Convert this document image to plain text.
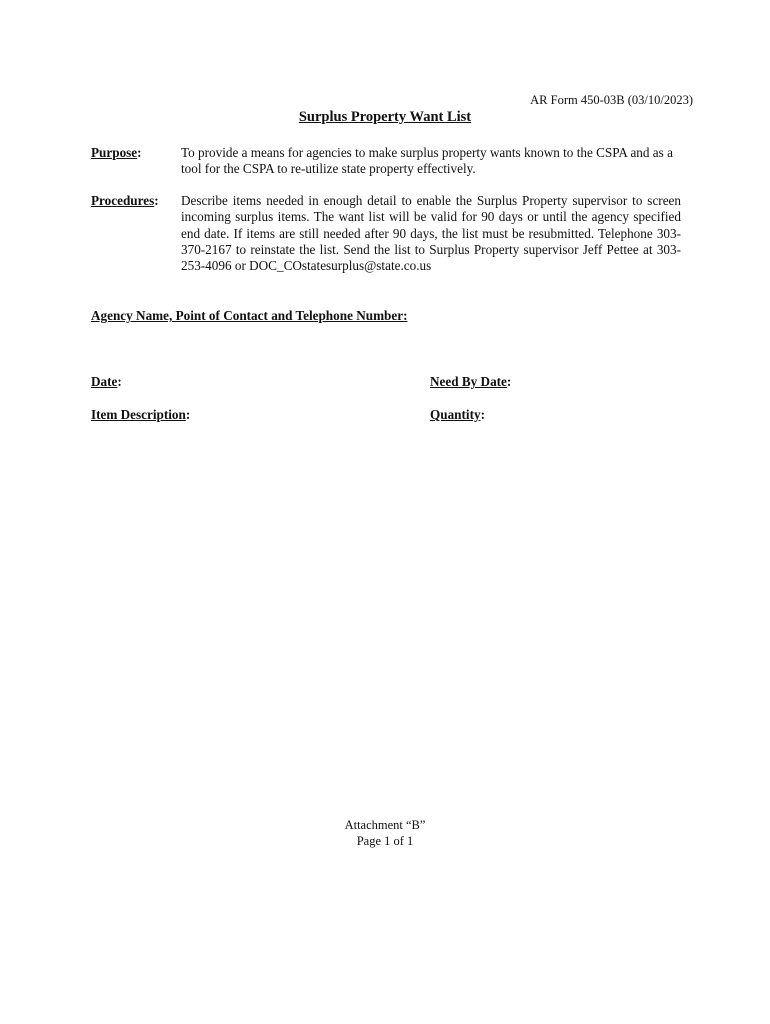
AR Form 450-03B (03/10/2023)
Surplus Property Want List
Purpose:	To provide a means for agencies to make surplus property wants known to the CSPA and as a tool for the CSPA to re-utilize state property effectively.
Procedures: Describe items needed in enough detail to enable the Surplus Property supervisor to screen incoming surplus items. The want list will be valid for 90 days or until the agency specified end date. If items are still needed after 90 days, the list must be resubmitted. Telephone 303-370-2167 to reinstate the list. Send the list to Surplus Property supervisor Jeff Pettee at 303-253-4096 or DOC_COstatesurplus@state.co.us
Agency Name, Point of Contact and Telephone Number:
Date:	Need By Date:
Item Description:	Quantity:
Attachment “B”
Page 1 of 1
